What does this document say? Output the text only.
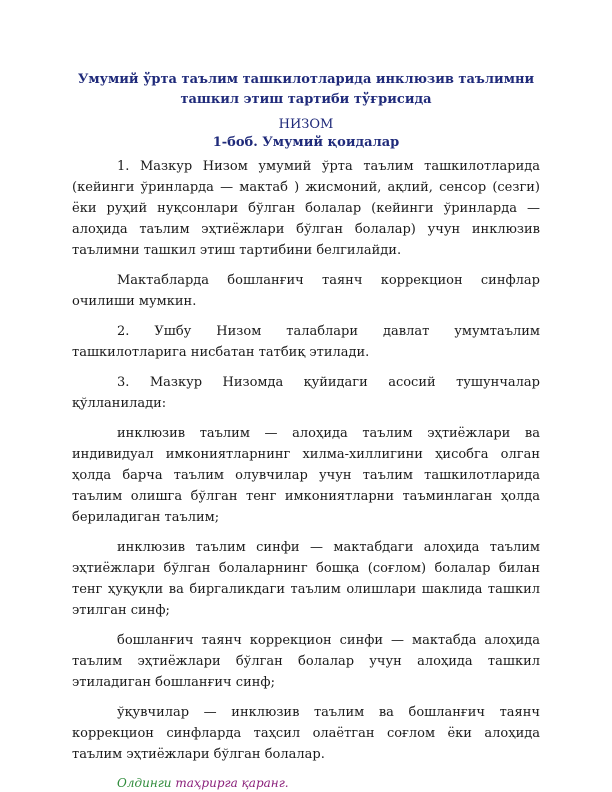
Умумий ўрта таълим ташкилотларида инклюзив таълимни ташкил этиш тартиби тўғрисида

НИЗОМ

1-боб. Умумий қоидалар

1. Мазкур Низом умумий ўрта таълим ташкилотларида (кейинги ўринларда — мактаб ) жисмоний, ақлий, сенсор (сезги) ёки руҳий нуқсонлари бўлган болалар (кейинги ўринларда — алоҳида таълим эҳтиёжлари бўлган болалар) учун инклюзив таълимни ташкил этиш тартибини белгилайди.

Мактабларда бошланғич таянч коррекцион синфлар очилиши мумкин.

2. Ушбу Низом талаблари давлат умумтаълим ташкилотларига нисбатан татбиқ этилади.

3. Мазкур Низомда қуйидаги асосий тушунчалар қўлланилади:

инклюзив таълим — алоҳида таълим эҳтиёжлари ва индивидуал имкониятларнинг хилма-хиллигини ҳисобга олган ҳолда барча таълим олувчилар учун таълим ташкилотларида таълим олишга бўлган тенг имкониятларни таъминлаган ҳолда бериладиган таълим;

инклюзив таълим синфи — мактабдаги алоҳида таълим эҳтиёжлари бўлган болаларнинг бошқа (соғлом) болалар билан тенг ҳуқуқли ва биргаликдаги таълим олишлари шаклида ташкил этилган синф;

бошланғич таянч коррекцион синфи — мактабда алоҳида таълим эҳтиёжлари бўлган болалар учун алоҳида ташкил этиладиган бошланғич синф;

ўқувчилар — инклюзив таълим ва бошланғич таянч коррекцион синфларда таҳсил олаётган соғлом ёки алоҳида таълим эҳтиёжлари бўлган болалар.

Олдинги таҳрирга қаранг.
